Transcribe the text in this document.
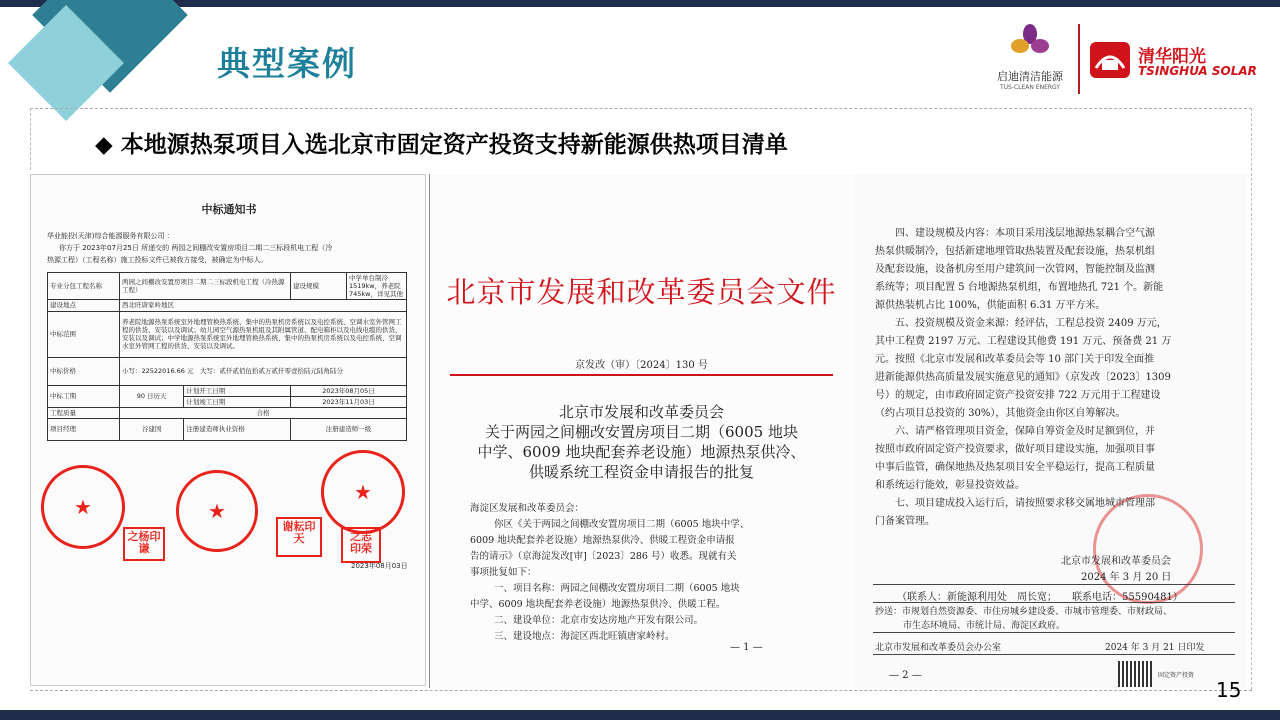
典型案例	启迪清洁能源
TUS-CLEAN ENERGY
清华阳光
TSINGHUA SOLAR
◆ 本地源热泵项目入选北京市固定资产投资支持新能源供热项目清单
中标通知书
华业能投(天津)综合能源服务有限公司 ：
你方于 2023年07月25日 所递交的 两园之间棚改安置房项目二期二三标段机电工程（冷
热源工程）（工程名称）施工投标文件已被我方接受，被确定为中标人。
专业分包工程名称	两园之间棚改安置房项目二期二三标段机电工程（冷热源工程）		建设规模	中学单台制冷1519kw，养老院745kw，详见其他
建设地点	西北旺唐家岭地区			
中标范围	养老院地源热泵系统室外地埋管换热系统、集中的热泵机房系统以及电控系统、空调水室外管网工程的供货、安装以及调试；幼儿园空气源热泵机组及其附属管道、配电箱柜以及电线电缆的供货、安装以及调试；中学地源热泵系统室外地埋管换热系统、集中的热泵机房系统以及电控系统、空调水室外管网工程的供货、安装以及调试。			
中标价格	小写：22522016.66 元　大写：贰仟贰佰伍拾贰万贰仟零壹拾陆元陆角陆分			
中标工期	90 日历天	计划开工日期	2023年08月05日	
		计划竣工日期	2023年11月03日	
工程质量	合格			
项目经理	谷建国	注册建造师执业资格	注册建造师一级	
★	★
★
之杨印谦
谢耘印天	之志印荣
2023年08月03日
北京市发展和改革委员会文件
京发改（审）〔2024〕130 号
北京市发展和改革委员会
关于两园之间棚改安置房项目二期（6005 地块
中学、6009 地块配套养老设施）地源热泵供冷、
供暖系统工程资金申请报告的批复
海淀区发展和改革委员会：
　　你区《关于两园之间棚改安置房项目二期（6005 地块中学、
6009 地块配套养老设施）地源热泵供冷、供暖工程资金申请报
告的请示》（京海淀发改[审]〔2023〕286 号）收悉。现就有关
事项批复如下：
　　一、项目名称：两园之间棚改安置房项目二期（6005 地块
中学、6009 地块配套养老设施）地源热泵供冷、供暖工程。
　　二、建设单位：北京市安达房地产开发有限公司。
　　三、建设地点：海淀区西北旺镇唐家岭村。
— 1 —
　　四、建设规模及内容：本项目采用浅层地源热泵耦合空气源
热泵供暖制冷，包括新建地埋管取热装置及配套设施，热泵机组
及配套设施，设备机房至用户建筑间一次管网，智能控制及监测
系统等；项目配置 5 台地源热泵机组，布置地热孔 721 个。新能
源供热装机占比 100%，供能面积 6.31 万平方米。
　　五、投资规模及资金来源：经评估，工程总投资 2409 万元，
其中工程费 2197 万元、工程建设其他费 191 万元、预备费 21 万
元。按照《北京市发展和改革委员会等 10 部门关于印发全面推
进新能源供热高质量发展实施意见的通知》（京发改〔2023〕1309
号）的规定，由市政府固定资产投资安排 722 万元用于工程建设
（约占项目总投资的 30%），其他资金由你区自筹解决。
　　六、请严格管理项目资金，保障自筹资金及时足额到位，并
按照市政府固定资产投资要求，做好项目建设实施，加强项目事
中事后监管，确保地热及热泵项目安全平稳运行，提高工程质量
和系统运行能效，彰显投资效益。
　　七、项目建成投入运行后，请按照要求移交属地城市管理部
门备案管理。
北京市发展和改革委员会
2024 年 3 月 20 日
（联系人：新能源利用处　周长宽；　　联系电话：55590481）
抄送：市规划自然资源委、市住房城乡建设委、市城市管理委、市财政局、
市生态环境局、市统计局、海淀区政府。
北京市发展和改革委员会办公室	2024 年 3 月 21 日印发
— 2 —	固定资产投资
15
